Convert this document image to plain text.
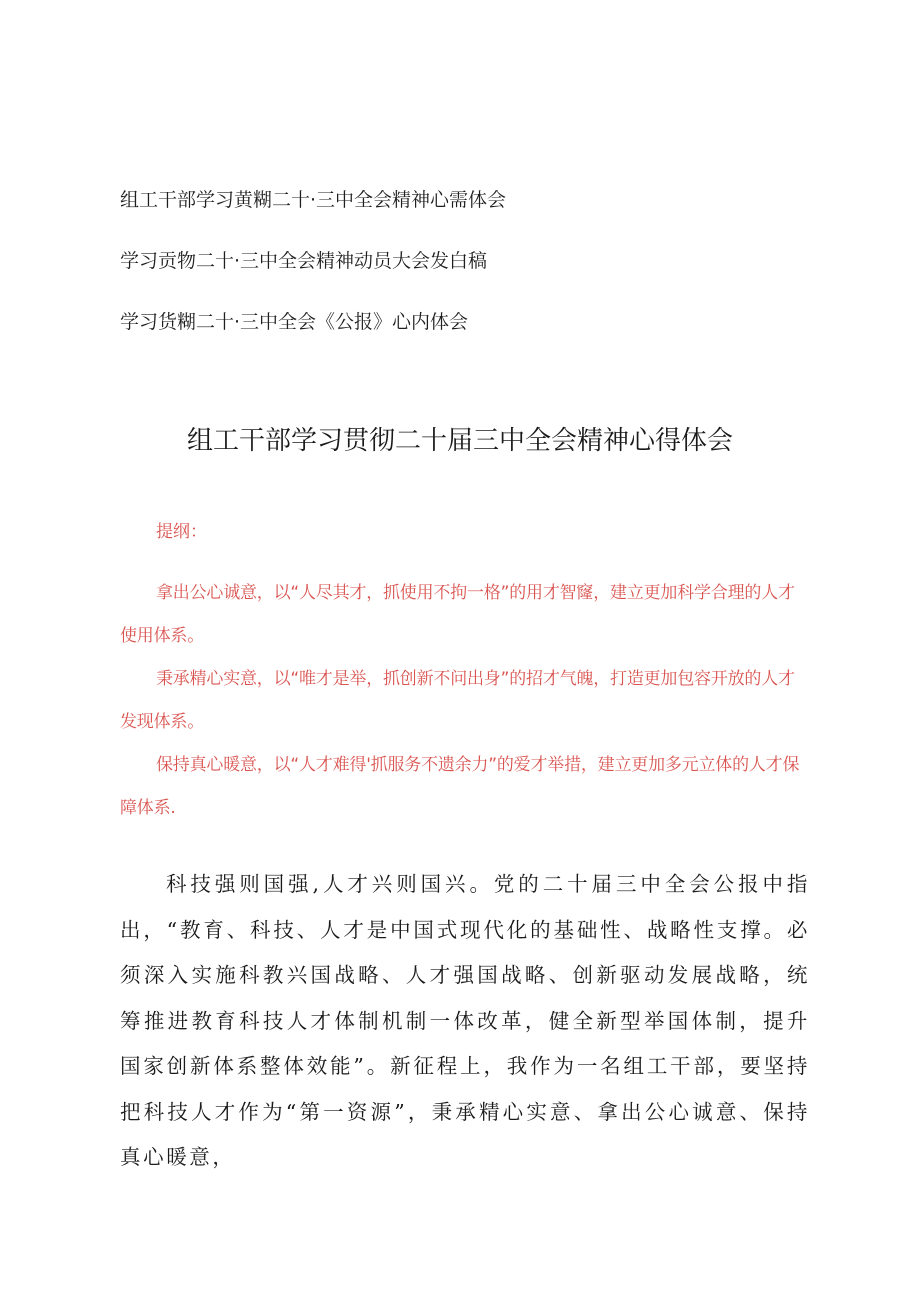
组工干部学习黄糊二十·三中全会精神心需体会
学习贡物二十·三中全会精神动员大会发白稿
学习货糊二十·三中全会《公报》心内体会
组工干部学习贯彻二十届三中全会精神心得体会
提纲：
拿出公心诚意，以“人尽其才，抓使用不拘一格”的用才智窿，建立更加科学合理的人才使用体系。
秉承精心实意，以“唯才是举，抓创新不问出身”的招才气魄，打造更加包容开放的人才发现体系。
保持真心暖意，以“人才难得'抓服务不遗余力”的爱才举措，建立更加多元立体的人才保障体系.

科技强则国强,人才兴则国兴。党的二十届三中全会公报中指出，“教育、科技、人才是中国式现代化的基础性、战略性支撑。必须深入实施科教兴国战略、人才强国战略、创新驱动发展战略，统筹推进教育科技人才体制机制一体改革，健全新型举国体制，提升国家创新体系整体效能”。新征程上，我作为一名组工干部，要坚持把科技人才作为“第一资源”，秉承精心实意、拿出公心诚意、保持真心暖意，
